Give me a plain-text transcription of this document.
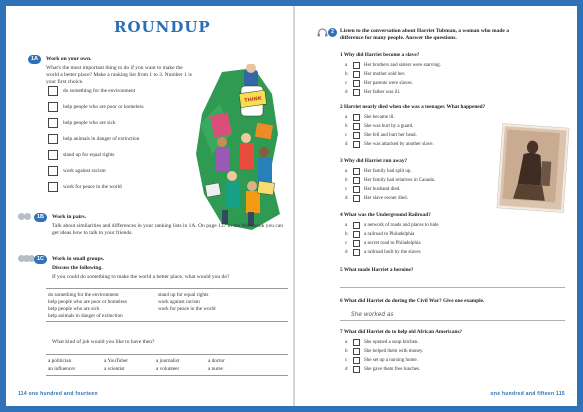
ROUNDUP
1A	Work on your own.
What's the most important thing to do if you want to make the world a better place? Make a ranking list from 1 to 3. Number 1 is your first choice.
do something for the environment
help people who are poor or homeless
help people who are sick
help animals in danger of extinction
stand up for equal rights
work against racism
work for peace in the world
THINK
1B	Work in pairs.
Talk about similarities and differences in your ranking lists in 1A. On page 137 in the Workbook you can get ideas how to talk to your friends.
1C	Work in small groups.
Discuss the following.
If you could do something to make the world a better place, what would you do?
do something for the environment
help people who are poor or homeless
help people who are sick
help animals in danger of extinction
stand up for equal rights
work against racism
work for peace in the world
What kind of job would you like to have then?
a politician	a YouTuber	a journalist	a doctor
an influencer	a scientist	a volunteer	a nurse
114 one hundred and fourteen
2	Listen to the conversation about Harriet Tubman, a woman who made a difference for many people. Answer the questions.
1 Why did Harriet become a slave?
a	Her brothers and sisters were starving.
b	Her mother sold her.
c	Her parents were slaves.
d	Her father was ill.
2 Harriet nearly died when she was a teenager. What happened?
a	She became ill.
b	She was hurt by a guard.
c	She fell and hurt her head.
d	She was attacked by another slave.
3 Why did Harriet run away?
a	Her family had split up.
b	Her family had relatives in Canada.
c	Her husband died.
d	Her slave owner died.
4 What was the Underground Railroad?
a	a network of roads and places to hide
b	a railroad to Philadelphia
c	a secret road to Philadelphia
d	a railroad built by the slaves
5 What made Harriet a heroine?
6 What did Harriet do during the Civil War? Give one example.
She worked as
7 What did Harriet do to help old African Americans?
a	She opened a soup kitchen.
b	She helped them with money.
c	She set up a nursing home.
d	She gave them free lunches.
one hundred and fifteen 115
